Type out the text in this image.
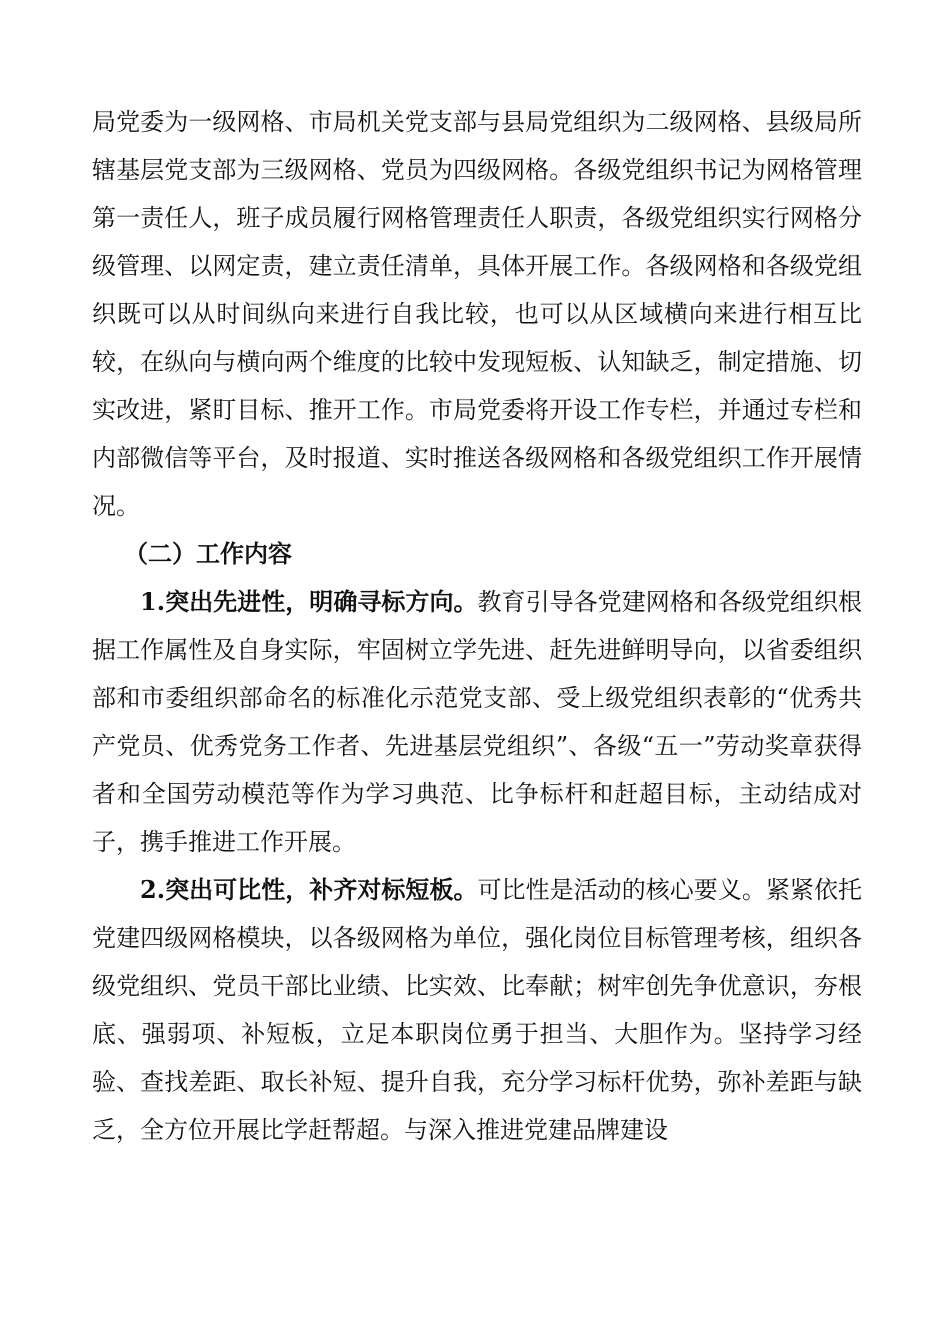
局党委为一级网格、市局机关党支部与县局党组织为二级网格、县级局所辖基层党支部为三级网格、党员为四级网格。各级党组织书记为网格管理第一责任人，班子成员履行网格管理责任人职责，各级党组织实行网格分级管理、以网定责，建立责任清单，具体开展工作。各级网格和各级党组织既可以从时间纵向来进行自我比较，也可以从区域横向来进行相互比较，在纵向与横向两个维度的比较中发现短板、认知缺乏，制定措施、切实改进，紧盯目标、推开工作。市局党委将开设工作专栏，并通过专栏和内部微信等平台，及时报道、实时推送各级网格和各级党组织工作开展情况。

（二）工作内容

1.突出先进性，明确寻标方向。教育引导各党建网格和各级党组织根据工作属性及自身实际，牢固树立学先进、赶先进鲜明导向，以省委组织部和市委组织部命名的标准化示范党支部、受上级党组织表彰的“优秀共产党员、优秀党务工作者、先进基层党组织”、各级“五一”劳动奖章获得者和全国劳动模范等作为学习典范、比争标杆和赶超目标，主动结成对子，携手推进工作开展。

2.突出可比性，补齐对标短板。可比性是活动的核心要义。紧紧依托党建四级网格模块，以各级网格为单位，强化岗位目标管理考核，组织各级党组织、党员干部比业绩、比实效、比奉献；树牢创先争优意识，夯根底、强弱项、补短板，立足本职岗位勇于担当、大胆作为。坚持学习经验、查找差距、取长补短、提升自我，充分学习标杆优势，弥补差距与缺乏，全方位开展比学赶帮超。与深入推进党建品牌建设
